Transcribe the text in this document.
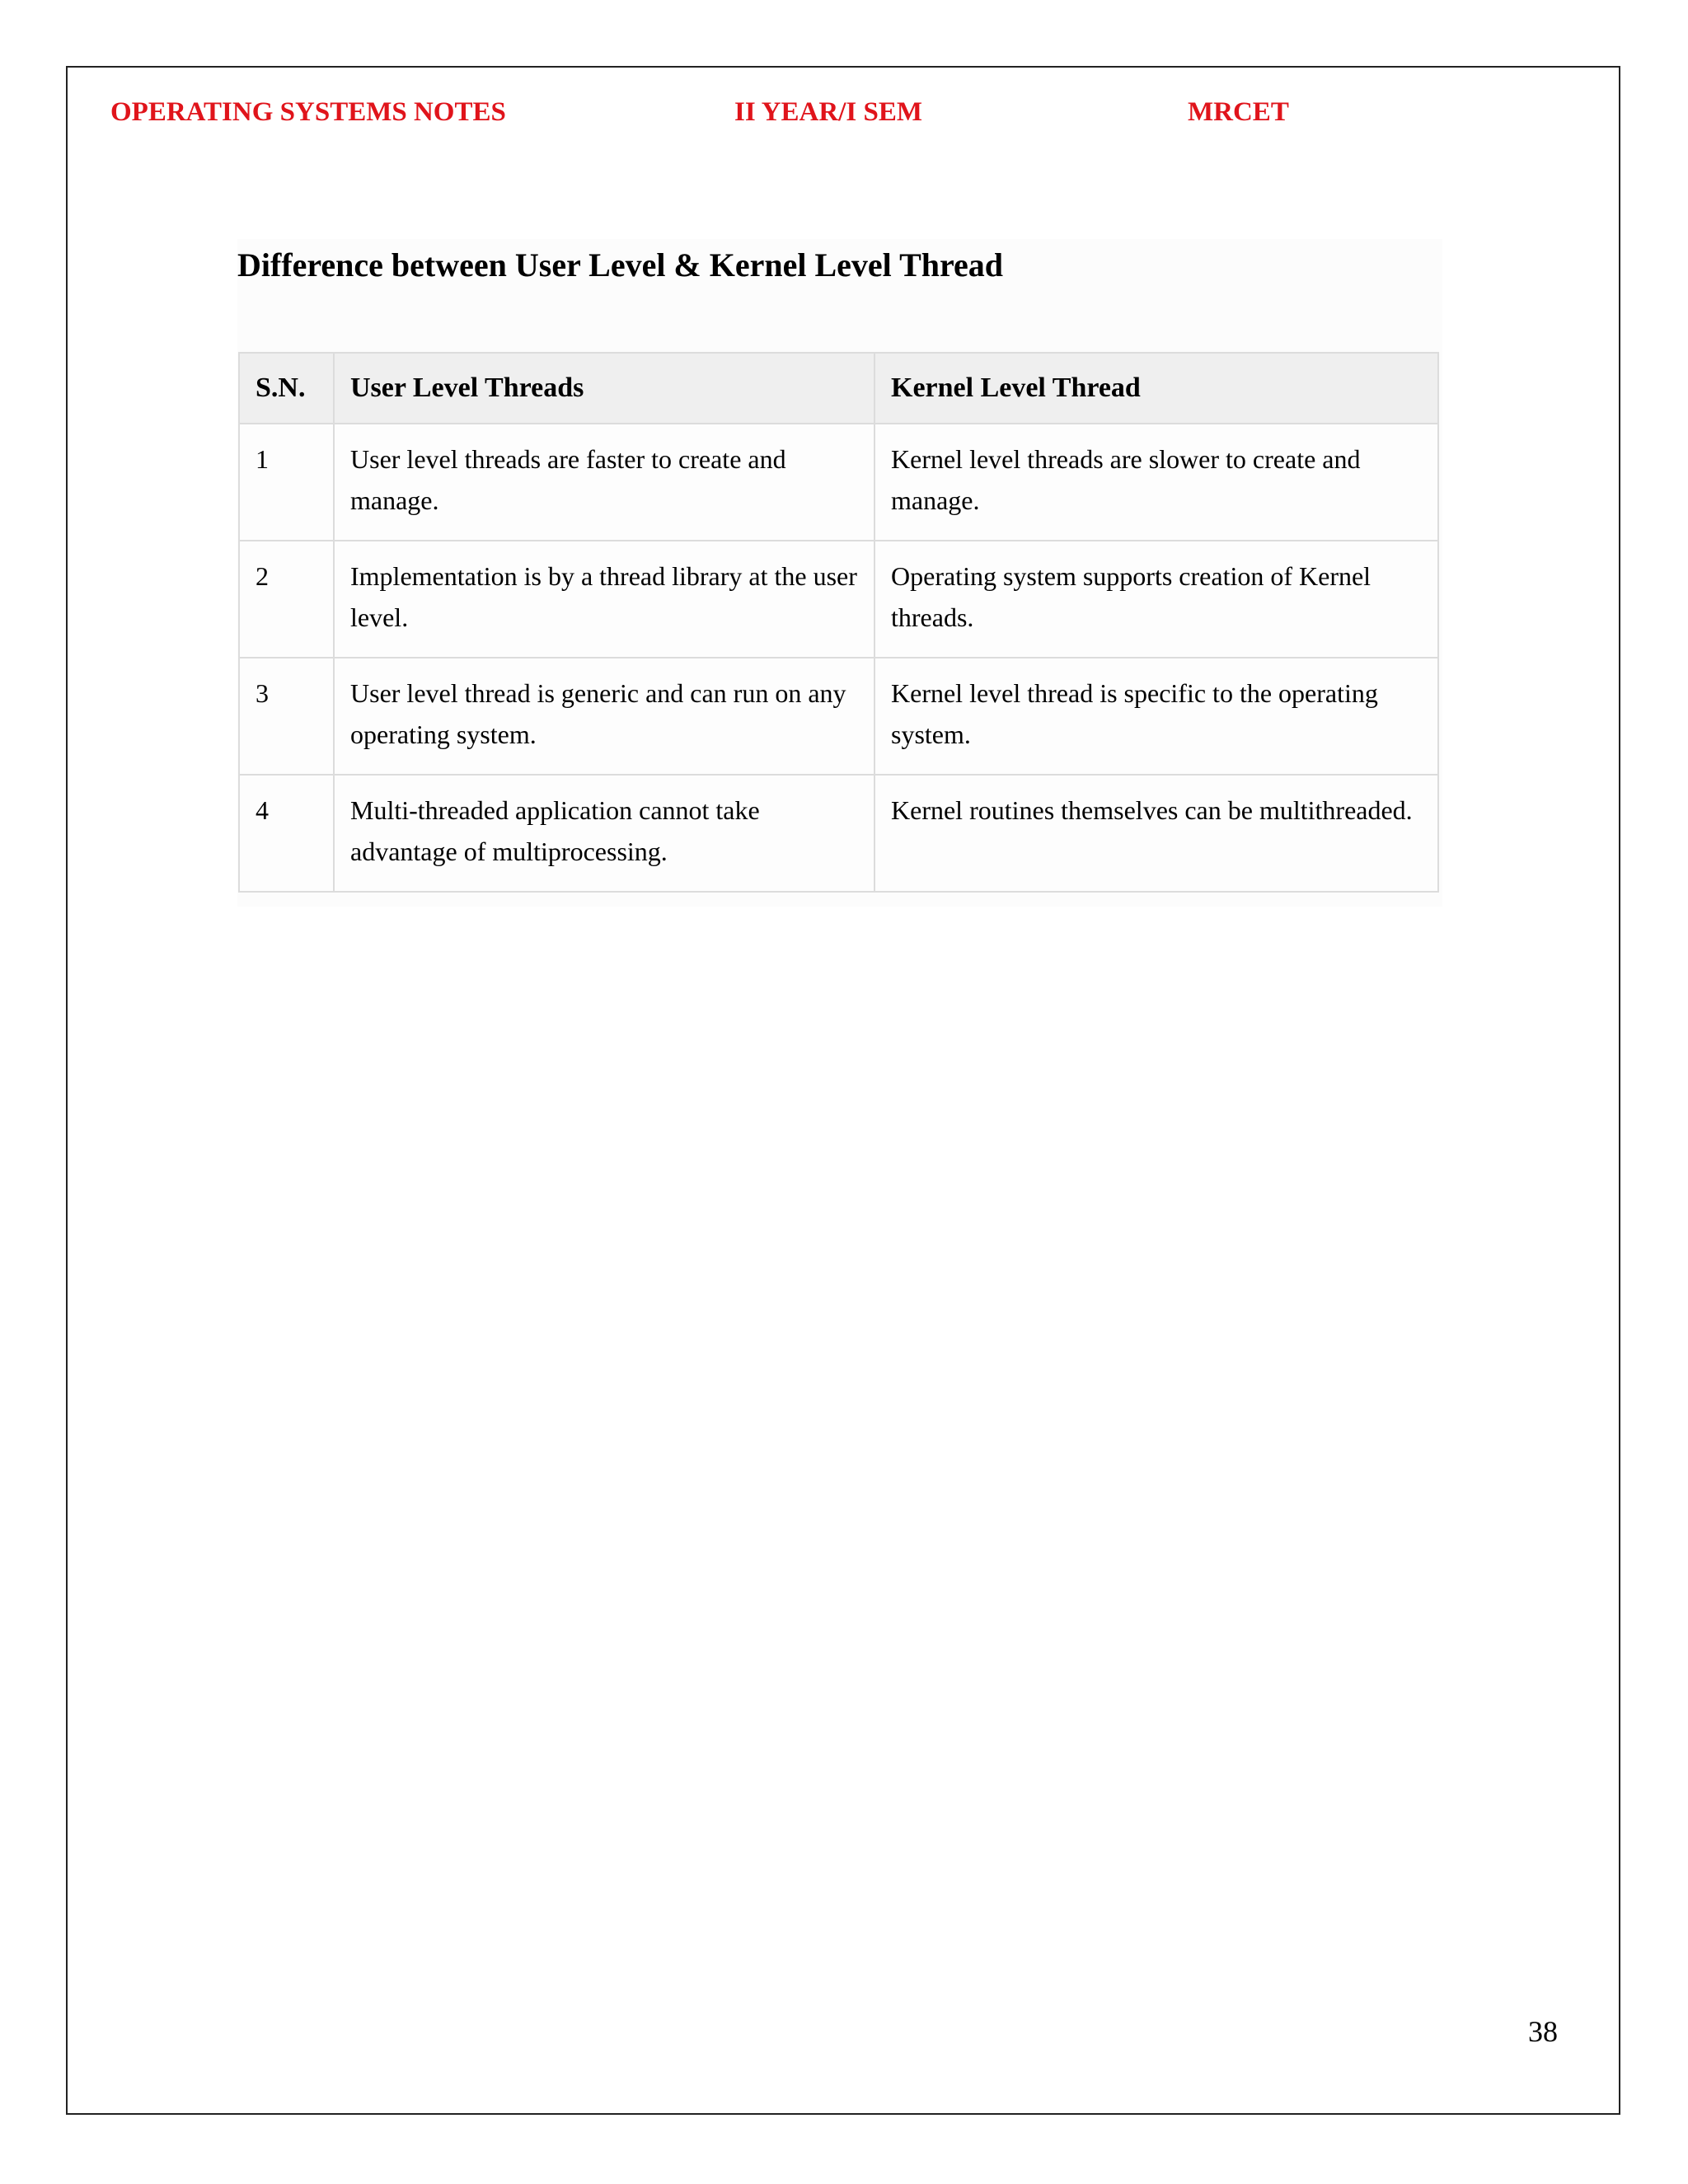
OPERATING SYSTEMS NOTES	II YEAR/I SEM	MRCET
Difference between User Level & Kernel Level Thread
S.N.	User Level Threads	Kernel Level Thread
1	User level threads are faster to create and manage.	Kernel level threads are slower to create and manage.
2	Implementation is by a thread library at the user level.	Operating system supports creation of Kernel threads.
3	User level thread is generic and can run on any operating system.	Kernel level thread is specific to the operating system.
4	Multi-threaded application cannot take advantage of multiprocessing.	Kernel routines themselves can be multithreaded.
38
